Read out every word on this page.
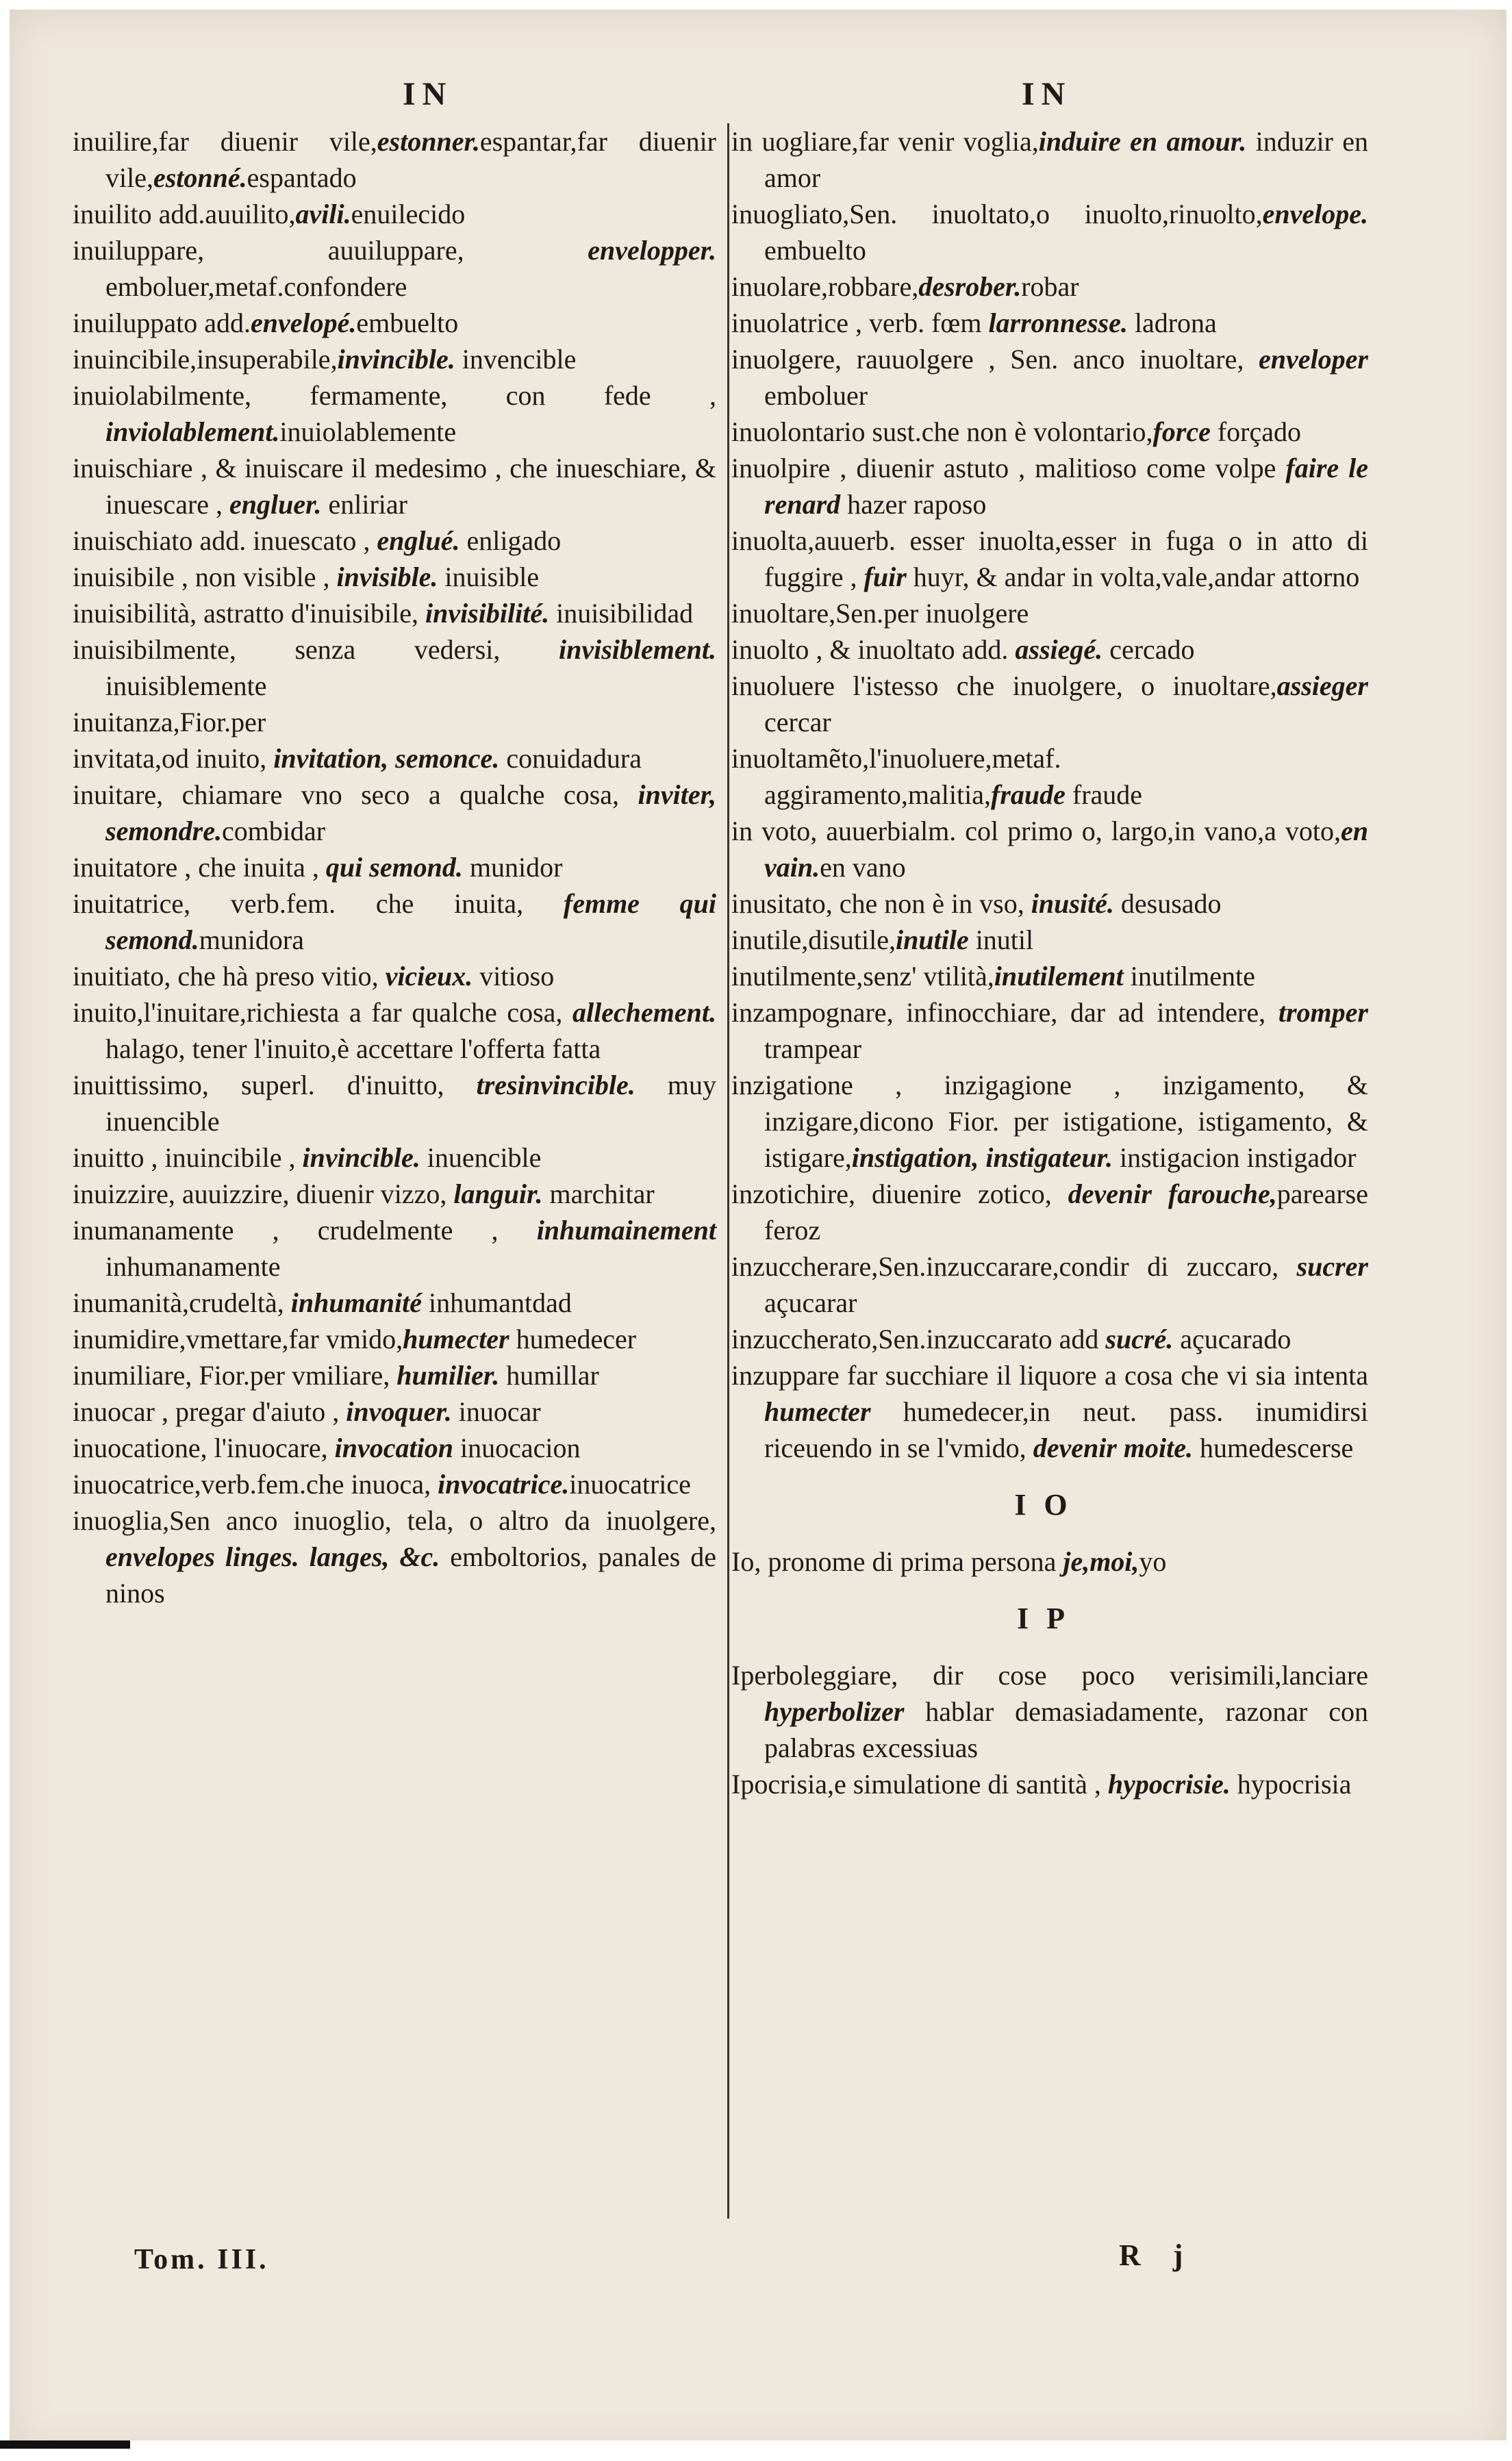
IN	IN

inuilire,far diuenir vile,estonner.espantar,far diuenir vile,estonné.espantado

inuilito add.auuilito,avili.enuilecido

inuiluppare, auuiluppare, envelopper. emboluer,metaf.confondere

inuiluppato add.envelopé.embuelto

inuincibile,insuperabile,invincible. invencible

inuiolabilmente, fermamente, con fede , inviolablement.inuiolablemente

inuischiare , & inuiscare il medesimo , che inueschiare, & inuescare , engluer. enliriar

inuischiato add. inuescato , englué. enligado

inuisibile , non visible , invisible. inuisible

inuisibilità, astratto d'inuisibile, invisibilité. inuisibilidad

inuisibilmente, senza vedersi, invisiblement. inuisiblemente

inuitanza,Fior.per

invitata,od inuito, invitation, semonce. conuidadura

inuitare, chiamare vno seco a qualche cosa, inviter, semondre.combidar

inuitatore , che inuita , qui semond. munidor

inuitatrice, verb.fem. che inuita, femme qui semond.munidora

inuitiato, che hà preso vitio, vicieux. vitioso

inuito,l'inuitare,richiesta a far qualche cosa, allechement. halago, tener l'inuito,è accettare l'offerta fatta

inuittissimo, superl. d'inuitto, tresinvincible. muy inuencible

inuitto , inuincibile , invincible. inuencible

inuizzire, auuizzire, diuenir vizzo, languir. marchitar

inumanamente , crudelmente , inhumainement inhumanamente

inumanità,crudeltà, inhumanité inhumantdad

inumidire,vmettare,far vmido,humecter humedecer

inumiliare, Fior.per vmiliare, humilier. humillar

inuocar , pregar d'aiuto , invoquer. inuocar

inuocatione, l'inuocare, invocation inuocacion

inuocatrice,verb.fem.che inuoca, invocatrice.inuocatrice

inuoglia,Sen anco inuoglio, tela, o altro da inuolgere, envelopes linges. langes, &c. emboltorios, panales de ninos

in uogliare,far venir voglia,induire en amour. induzir en amor

inuogliato,Sen. inuoltato,o inuolto,rinuolto,envelope. embuelto

inuolare,robbare,desrober.robar

inuolatrice , verb. fœm larronnesse. ladrona

inuolgere, rauuolgere , Sen. anco inuoltare, enveloper emboluer

inuolontario sust.che non è volontario,force forçado

inuolpire , diuenir astuto , malitioso come volpe faire le renard hazer raposo

inuolta,auuerb. esser inuolta,esser in fuga o in atto di fuggire , fuir huyr, & andar in volta,vale,andar attorno

inuoltare,Sen.per inuolgere

inuolto , & inuoltato add. assiegé. cercado

inuoluere l'istesso che inuolgere, o inuoltare,assieger cercar

inuoltamẽto,l'inuoluere,metaf. aggiramento,malitia,fraude fraude

in voto, auuerbialm. col primo o, largo,in vano,a voto,en vain.en vano

inusitato, che non è in vso, inusité. desusado

inutile,disutile,inutile inutil

inutilmente,senz' vtilità,inutilement inutilmente

inzampognare, infinocchiare, dar ad intendere, tromper trampear

inzigatione , inzigagione , inzigamento, & inzigare,dicono Fior. per istigatione, istigamento, & istigare,instigation, instigateur. instigacion instigador

inzotichire, diuenire zotico, devenir farouche,parearse feroz

inzuccherare,Sen.inzuccarare,condir di zuccaro, sucrer açucarar

inzuccherato,Sen.inzuccarato add sucré. açucarado

inzuppare far succhiare il liquore a cosa che vi sia intenta humecter humedecer,in neut. pass. inumidirsi riceuendo in se l'vmido, devenir moite. humedescerse

IO

Io, pronome di prima persona je,moi,yo

IP

Iperboleggiare, dir cose poco verisimili,lanciare hyperbolizer hablar demasiadamente, razonar con palabras excessiuas

Ipocrisia,e simulatione di santità , hypocrisie. hypocrisia

Tom. III.	R j
